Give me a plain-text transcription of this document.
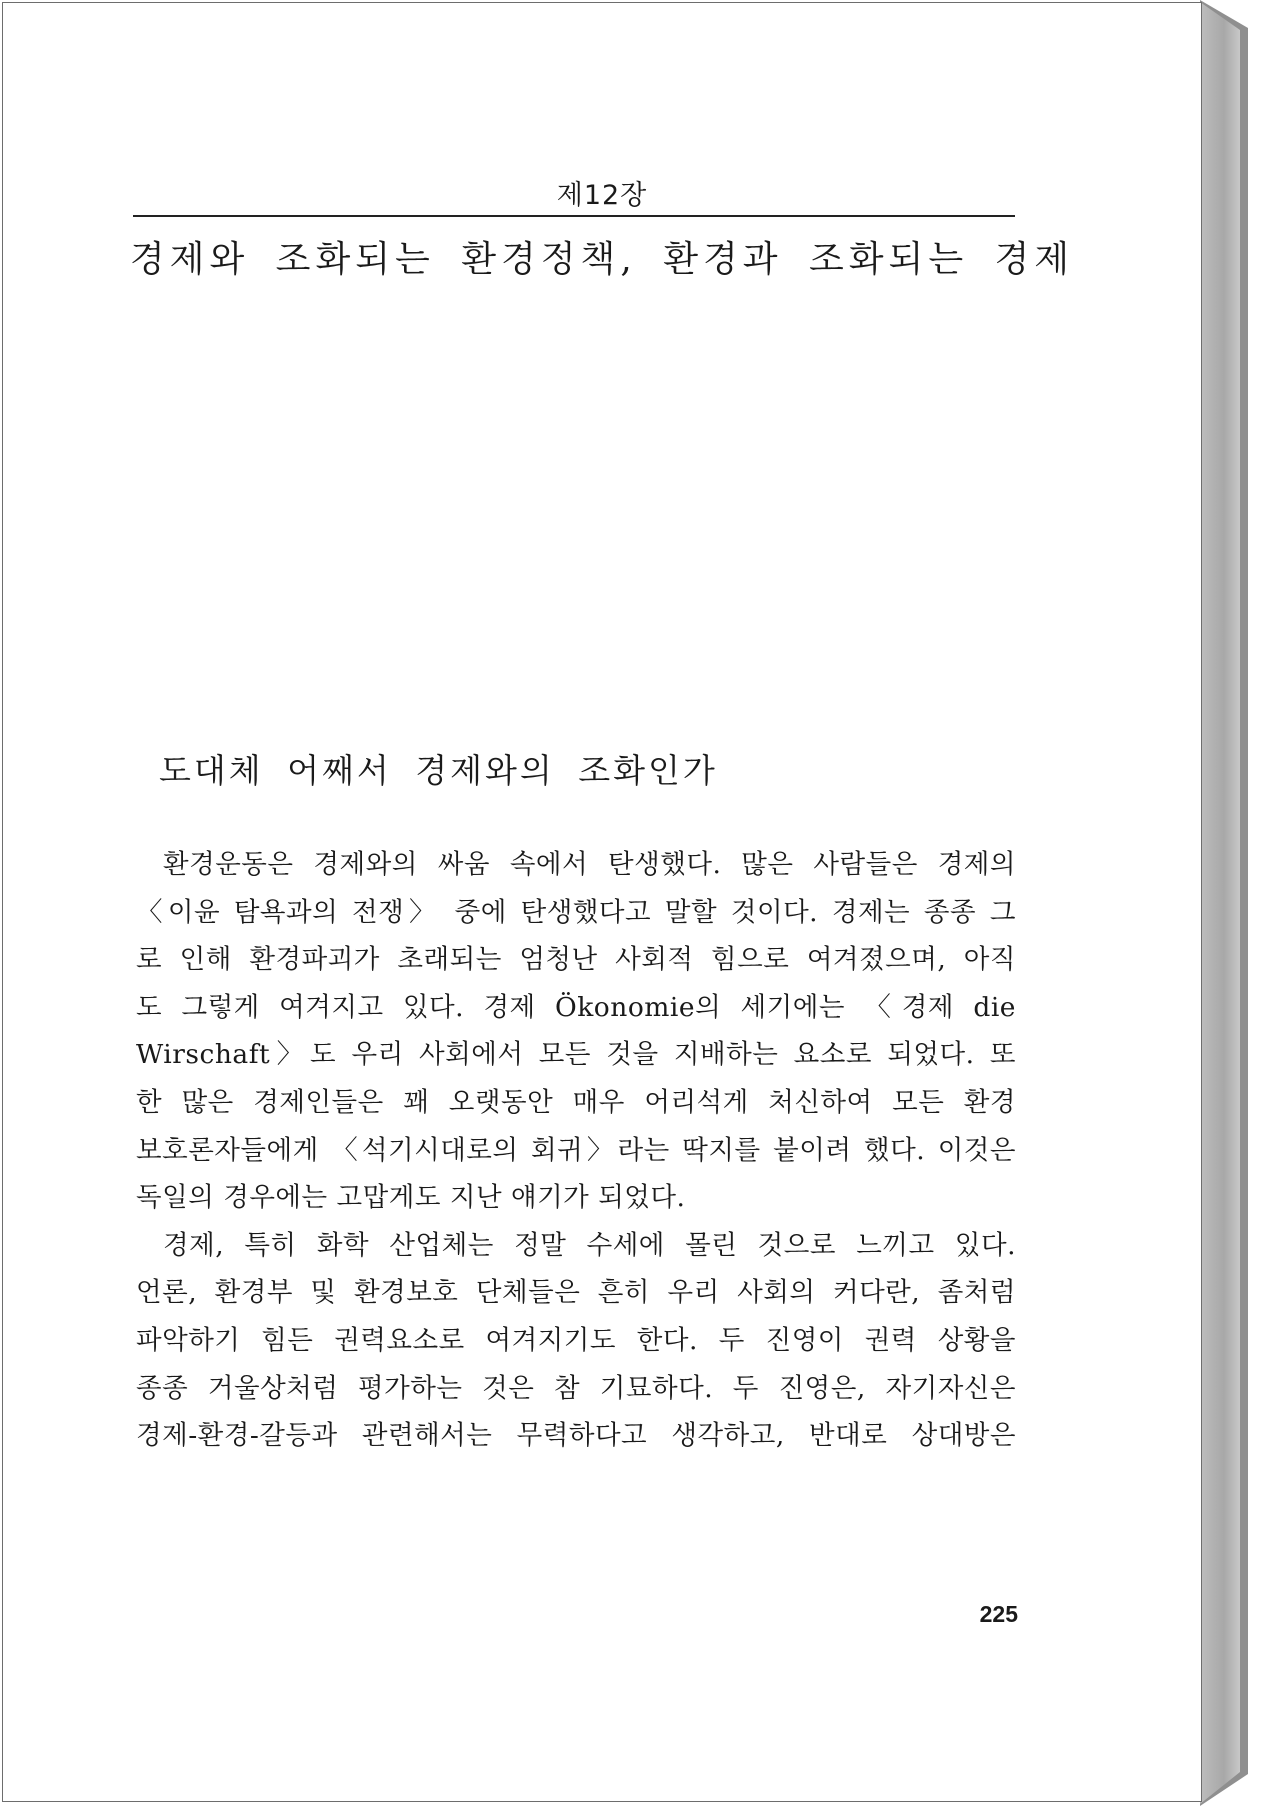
제12장
경제와 조화되는 환경정책, 환경과 조화되는 경제
도대체 어째서 경제와의 조화인가
환경운동은 경제와의 싸움 속에서 탄생했다. 많은 사람들은 경제의
〈이윤 탐욕과의 전쟁〉 중에 탄생했다고 말할 것이다. 경제는 종종 그
로 인해 환경파괴가 초래되는 엄청난 사회적 힘으로 여겨졌으며, 아직
도 그렇게 여겨지고 있다. 경제 Ökonomie의 세기에는 〈경제 die
Wirschaft〉도 우리 사회에서 모든 것을 지배하는 요소로 되었다. 또
한 많은 경제인들은 꽤 오랫동안 매우 어리석게 처신하여 모든 환경
보호론자들에게 〈석기시대로의 회귀〉라는 딱지를 붙이려 했다. 이것은
독일의 경우에는 고맙게도 지난 얘기가 되었다.
경제, 특히 화학 산업체는 정말 수세에 몰린 것으로 느끼고 있다.
언론, 환경부 및 환경보호 단체들은 흔히 우리 사회의 커다란, 좀처럼
파악하기 힘든 권력요소로 여겨지기도 한다. 두 진영이 권력 상황을
종종 거울상처럼 평가하는 것은 참 기묘하다. 두 진영은, 자기자신은
경제-환경-갈등과 관련해서는 무력하다고 생각하고, 반대로 상대방은
225
